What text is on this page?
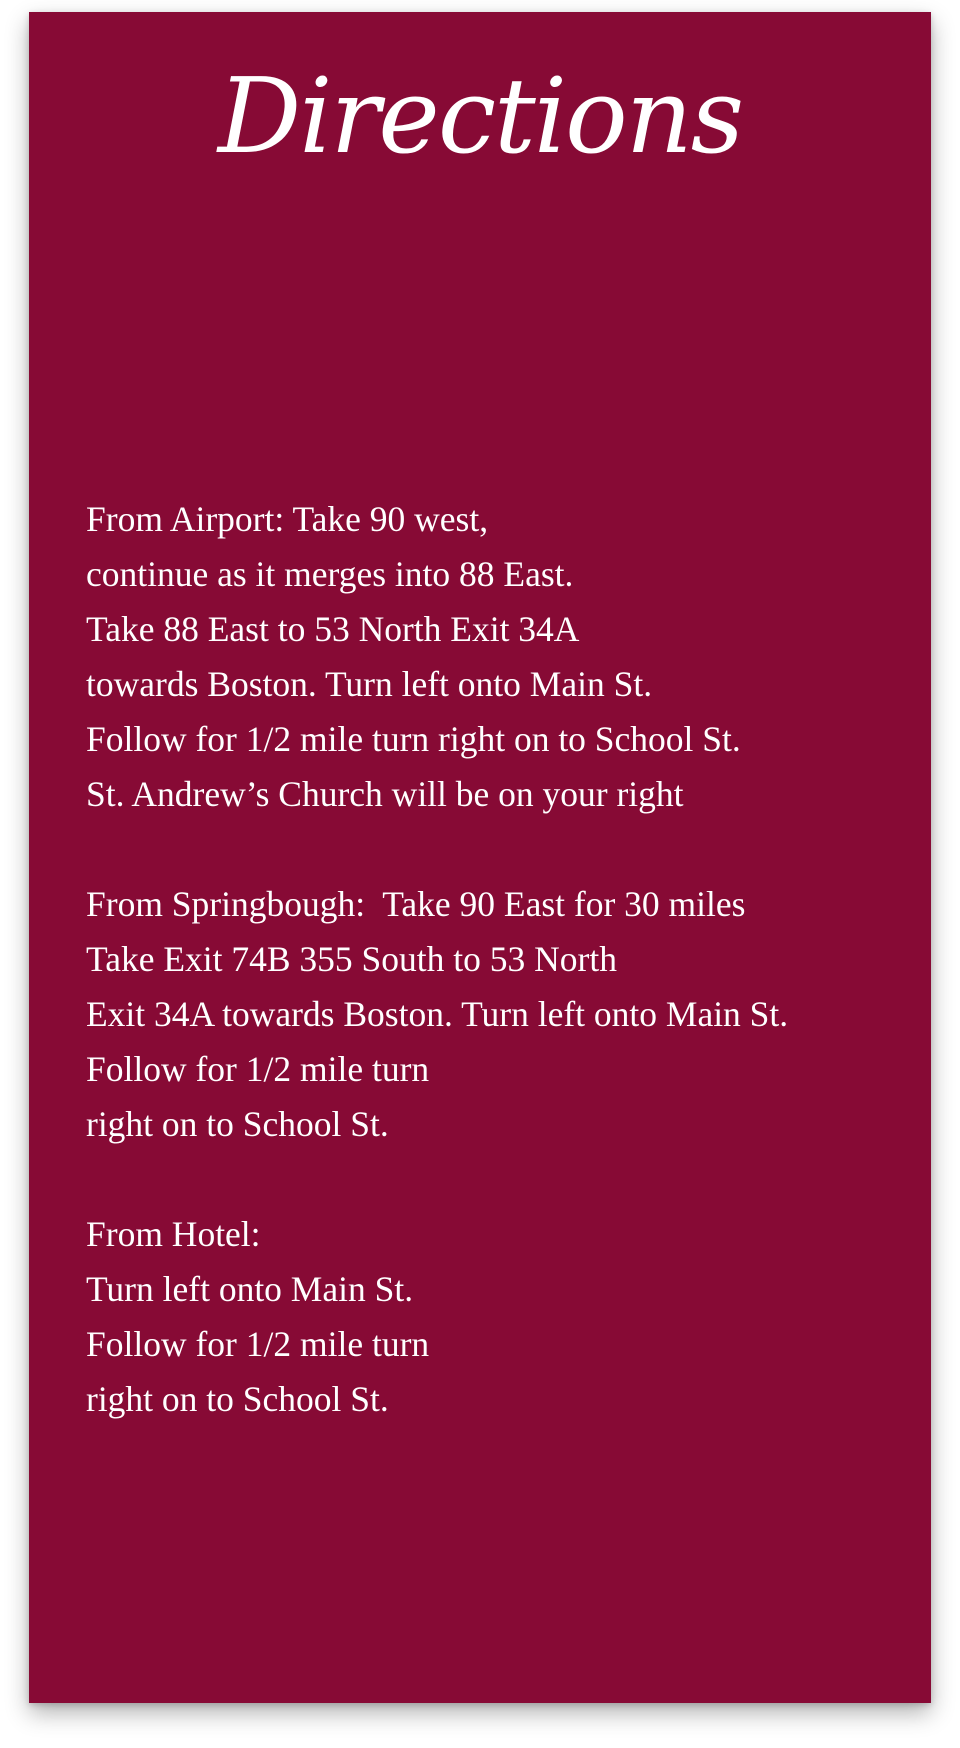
Directions
From Airport: Take 90 west,
continue as it merges into 88 East.
Take 88 East to 53 North Exit 34A
towards Boston. Turn left onto Main St.
Follow for 1/2 mile turn right on to School St.
St. Andrew’s Church will be on your right
From Springbough:  Take 90 East for 30 miles
Take Exit 74B 355 South to 53 North
Exit 34A towards Boston. Turn left onto Main St.
Follow for 1/2 mile turn
right on to School St.
From Hotel:
Turn left onto Main St.
Follow for 1/2 mile turn
right on to School St.
